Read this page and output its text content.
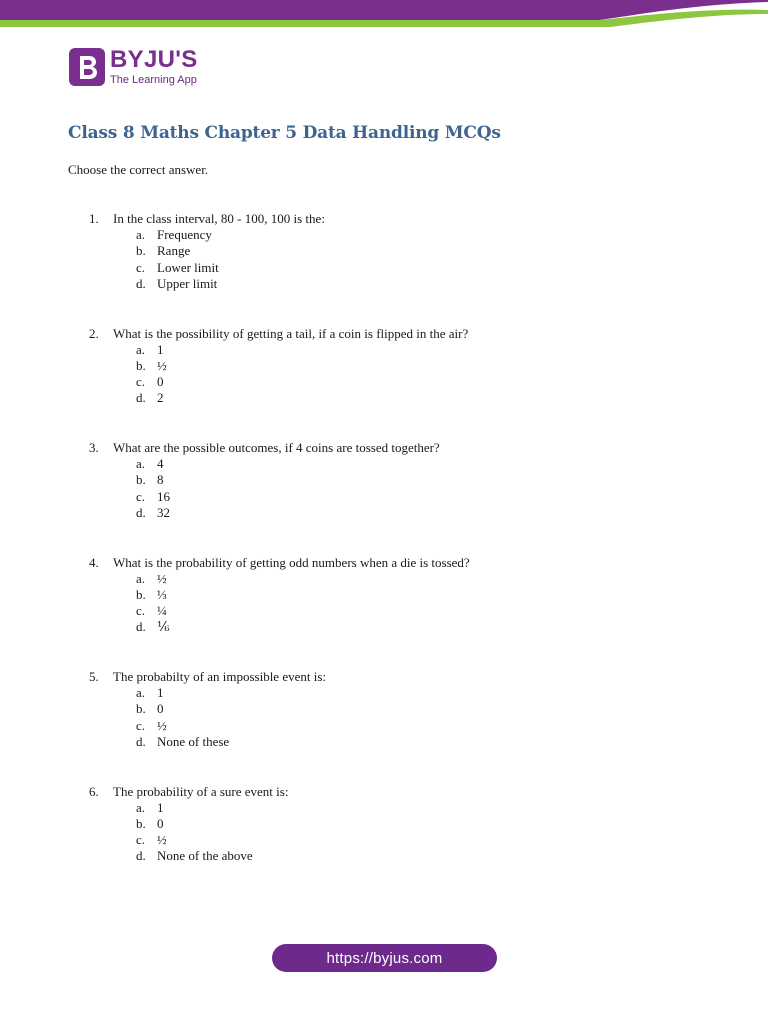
BYJU'S
The Learning App
Class 8 Maths Chapter 5 Data Handling MCQs

Choose the correct answer.

1.	In the class interval, 80 - 100, 100 is the:
a. Frequency
b. Range
c. Lower limit
d. Upper limit
2.	What is the possibility of getting a tail, if a coin is flipped in the air?
a. 1
b. ½
c. 0
d. 2
3.	What are the possible outcomes, if 4 coins are tossed together?
a. 4
b. 8
c. 16
d. 32
4.	What is the probability of getting odd numbers when a die is tossed?
a. ½
b. ⅓
c. ¼
d. ⅙
5.	The probabilty of an impossible event is:
a. 1
b. 0
c. ½
d. None of these
6.	The probability of a sure event is:
a. 1
b. 0
c. ½
d. None of the above
https://byjus.com
